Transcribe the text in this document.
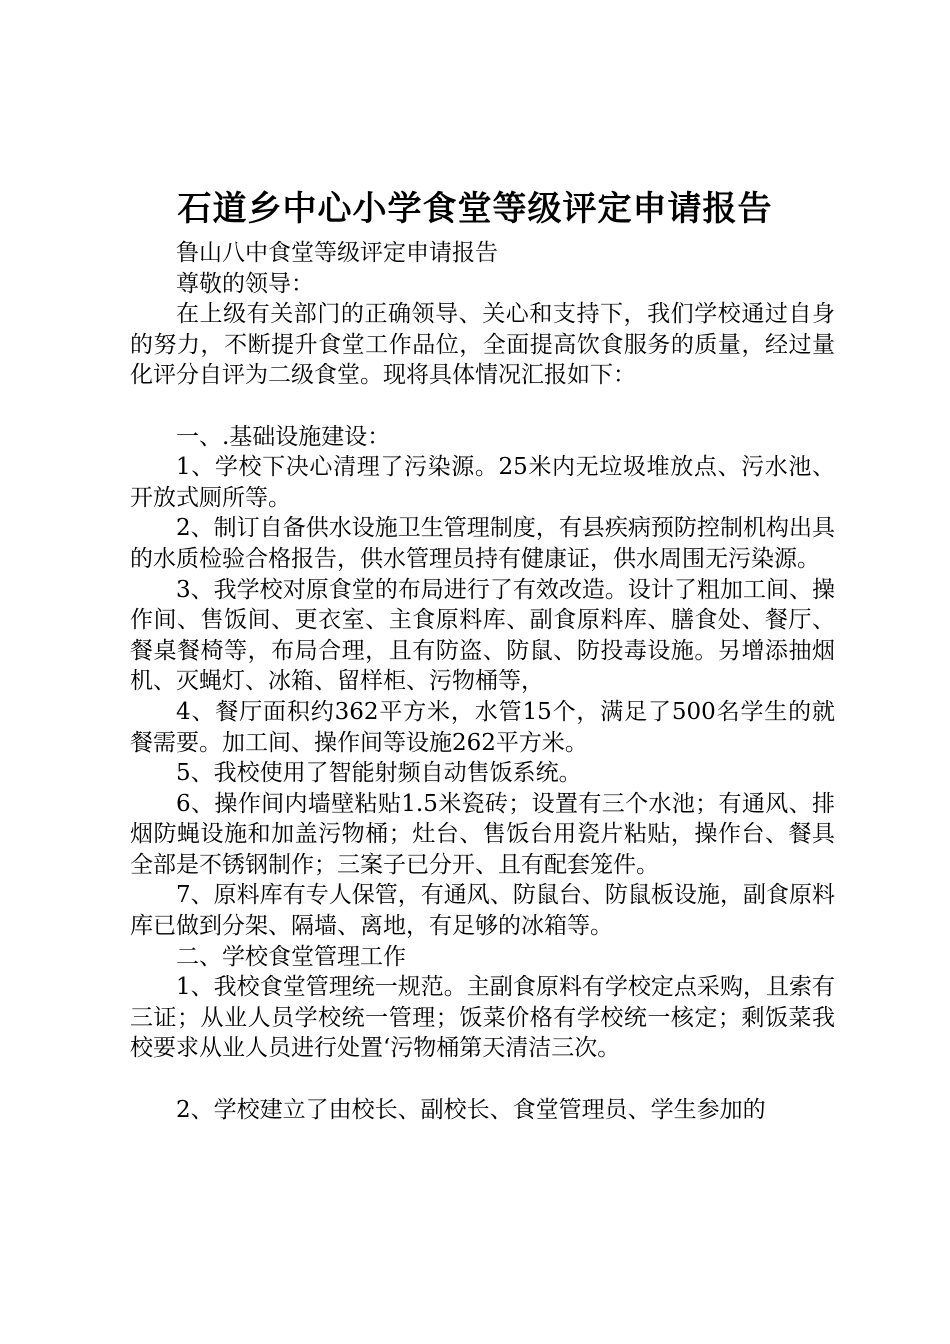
石道乡中心小学食堂等级评定申请报告

鲁山八中食堂等级评定申请报告

尊敬的领导：

在上级有关部门的正确领导、关心和支持下，我们学校通过自身的努力，不断提升食堂工作品位，全面提高饮食服务的质量，经过量化评分自评为二级食堂。现将具体情况汇报如下：

一、.基础设施建设：

1、学校下决心清理了污染源。25米内无垃圾堆放点、污水池、开放式厕所等。

2、制订自备供水设施卫生管理制度，有县疾病预防控制机构出具的水质检验合格报告，供水管理员持有健康证，供水周围无污染源。

3、我学校对原食堂的布局进行了有效改造。设计了粗加工间、操作间、售饭间、更衣室、主食原料库、副食原料库、膳食处、餐厅、餐桌餐椅等，布局合理，且有防盗、防鼠、防投毒设施。另增添抽烟机、灭蝇灯、冰箱、留样柜、污物桶等，

4、餐厅面积约362平方米，水管15个，满足了500名学生的就餐需要。加工间、操作间等设施262平方米。

5、我校使用了智能射频自动售饭系统。

6、操作间内墙壁粘贴1.5米瓷砖；设置有三个水池；有通风、排烟防蝇设施和加盖污物桶；灶台、售饭台用瓷片粘贴，操作台、餐具全部是不锈钢制作；三案子已分开、且有配套笼件。

7、原料库有专人保管，有通风、防鼠台、防鼠板设施，副食原料库已做到分架、隔墙、离地，有足够的冰箱等。

二、学校食堂管理工作

1、我校食堂管理统一规范。主副食原料有学校定点采购，且索有三证；从业人员学校统一管理；饭菜价格有学校统一核定；剩饭菜我校要求从业人员进行处置‘污物桶第天清洁三次。

2、学校建立了由校长、副校长、食堂管理员、学生参加的
